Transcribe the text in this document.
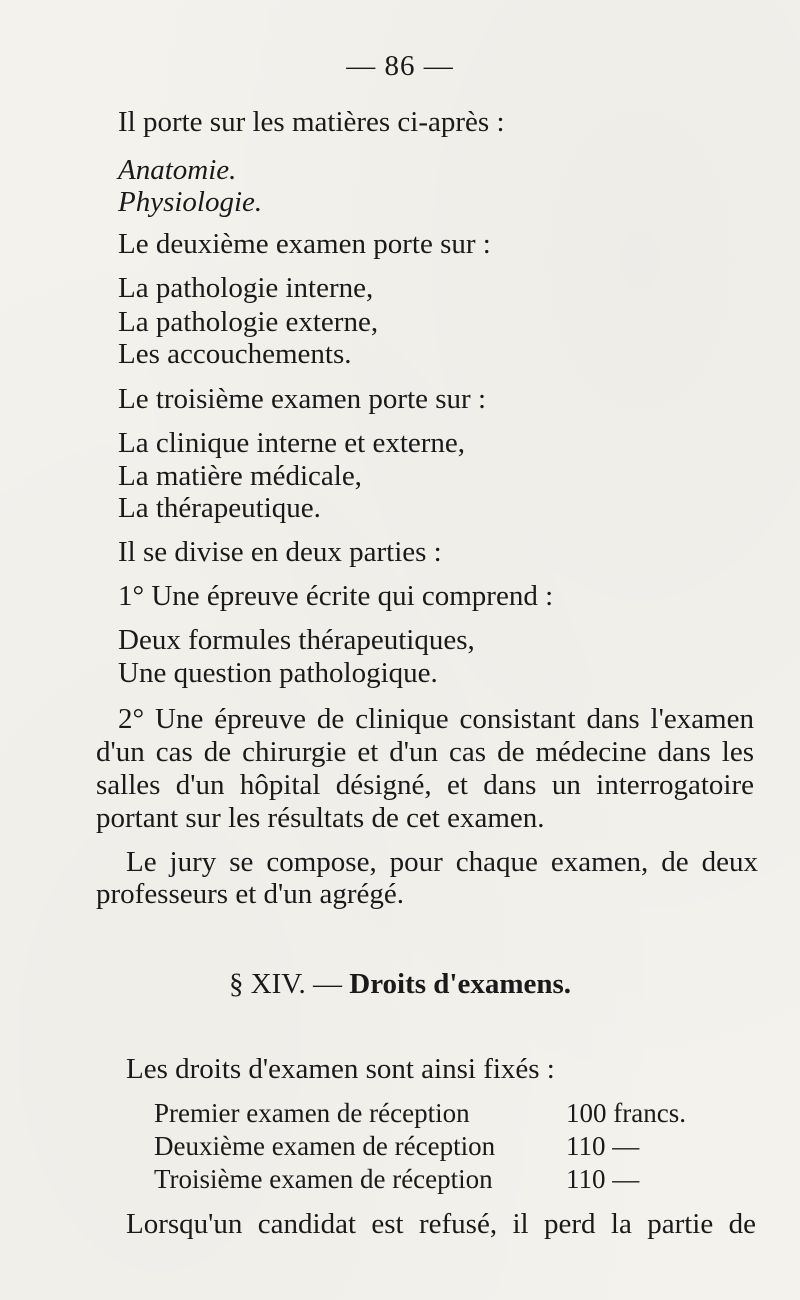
— 86 —
Il porte sur les matières ci-après :
Anatomie.
Physiologie.
Le deuxième examen porte sur :
La pathologie interne,
La pathologie externe,
Les accouchements.
Le troisième examen porte sur :
La clinique interne et externe,
La matière médicale,
La thérapeutique.
Il se divise en deux parties :
1° Une épreuve écrite qui comprend :
Deux formules thérapeutiques,
Une question pathologique.
2° Une épreuve de clinique consistant dans l'examen
d'un cas de chirurgie et d'un cas de médecine dans les
salles d'un hôpital désigné, et dans un interrogatoire
portant sur les résultats de cet examen.
Le jury se compose, pour chaque examen, de deux
professeurs et d'un agrégé.
§ XIV. — Droits d'examens.
Les droits d'examen sont ainsi fixés :
Premier examen de réception	100 francs.
Deuxième examen de réception	110 —
Troisième examen de réception	110 —
Lorsqu'un candidat est refusé, il perd la partie de
